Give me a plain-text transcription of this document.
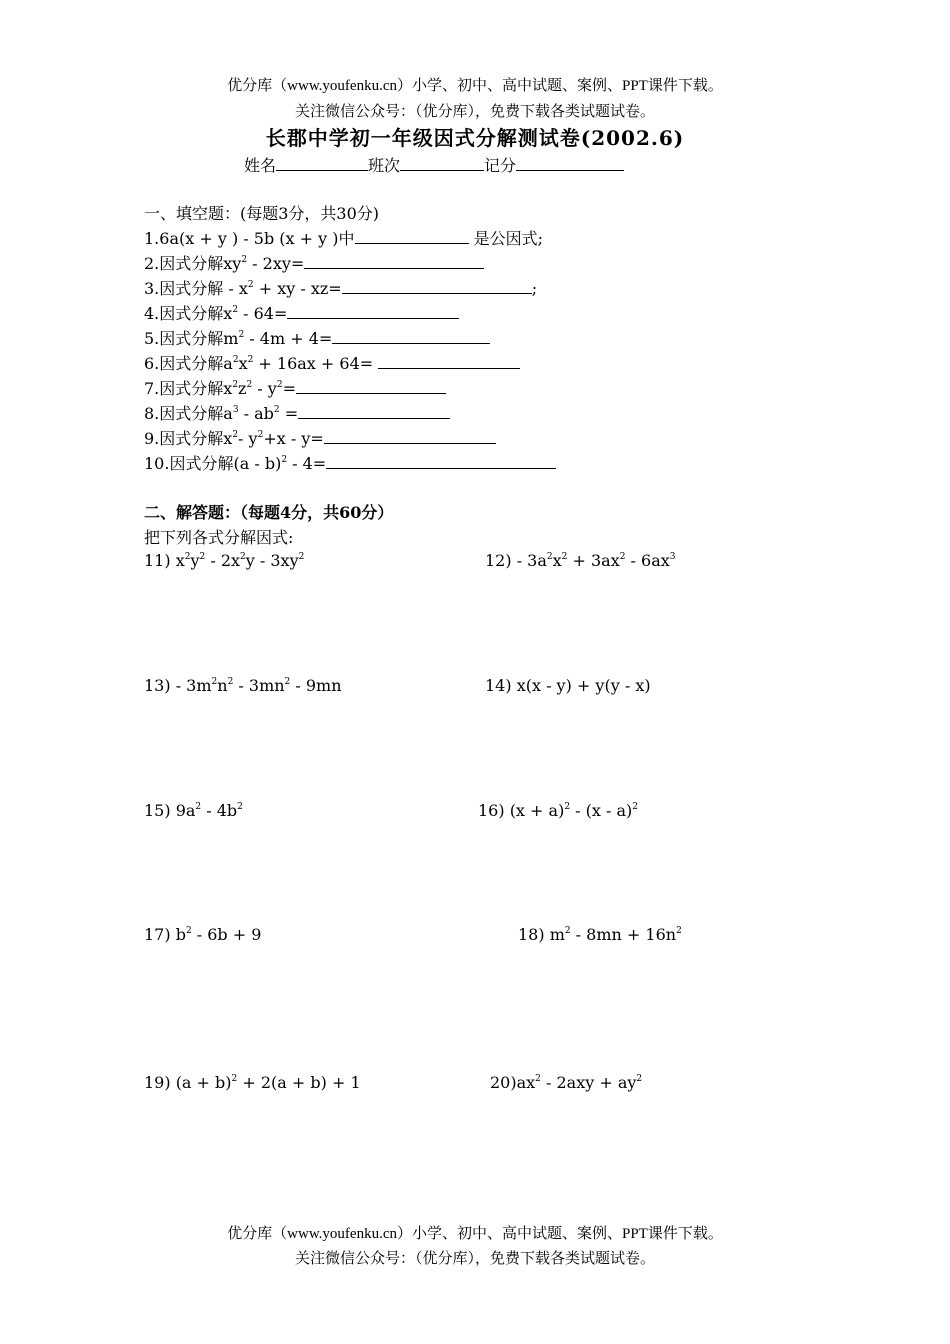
优分库（www.youfenku.cn）小学、初中、高中试题、案例、PPT课件下载。
关注微信公众号：（优分库），免费下载各类试题试卷。
长郡中学初一年级因式分解测试卷(2002.6)
姓名	班次	记分
一、填空题：(每题3分，共30分)
1.6a(x + y ) - 5b (x + y )中	是公因式;
2.因式分解$xy^2 - 2xy=$
3.因式分解 - $x^2$ + xy - xz=	;
4.因式分解$x^2 - 64=$
5.因式分解$m^2 - 4m + 4=$
6.因式分解$a^2x^2 + 16ax + 64=$
7.因式分解$x^2z^2 - y^2=$
8.因式分解$a^3 - ab^2$ =
9.因式分解$x^2-$ $y^2+x - y=$
10.因式分解(a - b)$^2$ - 4=
二、解答题：（每题4分，共60分）
把下列各式分解因式:
11) $x^2y^2 - 2x^2y - 3xy^2$	$12) - 3a^2x^2 + 3ax^2 - 6ax^3$
$13) - 3m^2n^2 - 3mn^2 - 9mn$	14) x(x - y) + y(y - x)
15) $9a^2 - 4b^2$	16) $(x + a)^2 - (x - a)^2$
17) $b^2 - 6b + 9$	18) $m^2 - 8mn + 16n^2$
19) $(a + b)^2 + 2(a + b) + 1$	$20)ax^2 - 2axy + ay^2$
优分库（www.youfenku.cn）小学、初中、高中试题、案例、PPT课件下载。
关注微信公众号：（优分库），免费下载各类试题试卷。
